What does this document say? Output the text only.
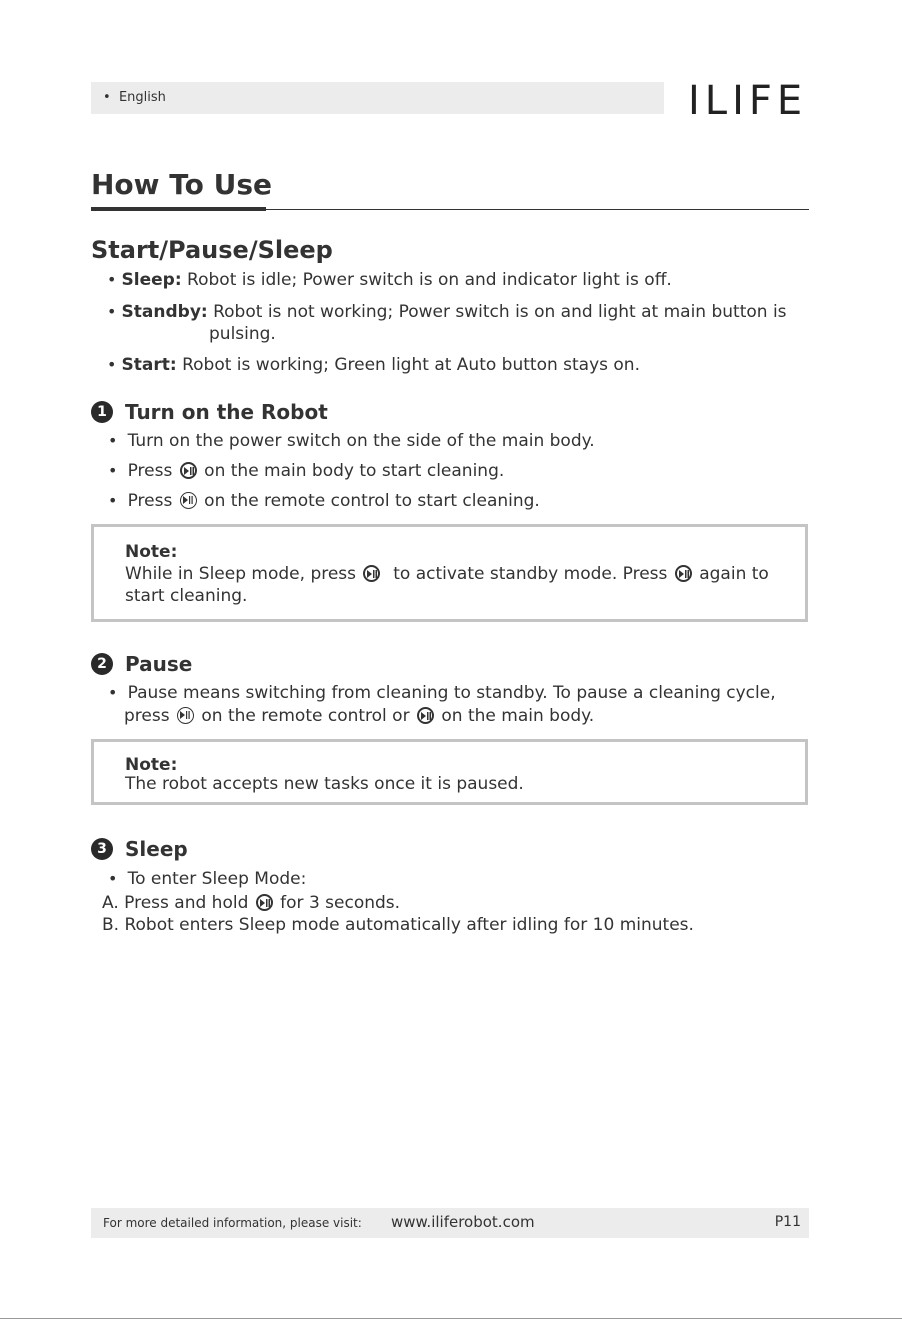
•  English	ILIFE
How To Use
Start/Pause/Sleep
• Sleep: Robot is idle; Power switch is on and indicator light is off.
• Standby: Robot is not working; Power switch is on and light at main button is
pulsing.
• Start: Robot is working; Green light at Auto button stays on.
1 Turn on the Robot
•  Turn on the power switch on the side of the main body.
•  Press on the main body to start cleaning.
•  Press on the remote control to start cleaning.
Note:
While in Sleep mode, press to activate standby mode. Press again to
start cleaning.
2 Pause
•  Pause means switching from cleaning to standby. To pause a cleaning cycle,
press on the remote control or on the main body.
Note:
The robot accepts new tasks once it is paused.
3 Sleep
•  To enter Sleep Mode:
A. Press and hold for 3 seconds.
B. Robot enters Sleep mode automatically after idling for 10 minutes.
For more detailed information, please visit: www.iliferobot.com	P11
